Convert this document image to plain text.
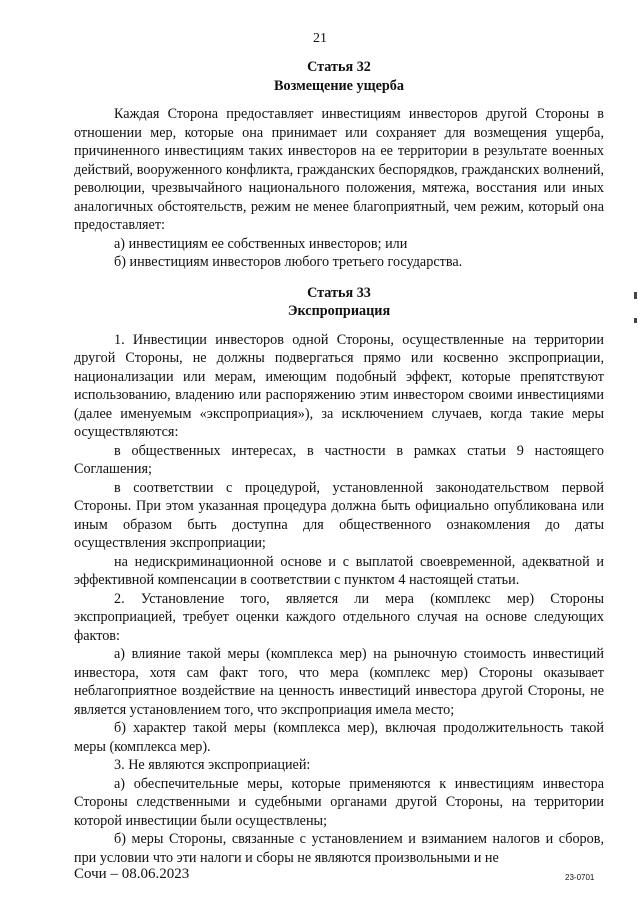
21
Статья 32
Возмещение ущерба

Каждая Сторона предоставляет инвестициям инвесторов другой Стороны в отношении мер, которые она принимает или сохраняет для возмещения ущерба, причиненного инвестициям таких инвесторов на ее территории в результате военных действий, вооруженного конфликта, гражданских беспорядков, гражданских волнений, революции, чрезвычайного национального положения, мятежа, восстания или иных аналогичных обстоятельств, режим не менее благоприятный, чем режим, который она предоставляет:

а) инвестициям ее собственных инвесторов; или

б) инвестициям инвесторов любого третьего государства.

Статья 33
Экспроприация

1. Инвестиции инвесторов одной Стороны, осуществленные на территории другой Стороны, не должны подвергаться прямо или косвенно экспроприации, национализации или мерам, имеющим подобный эффект, которые препятствуют использованию, владению или распоряжению этим инвестором своими инвестициями (далее именуемым «экспроприация»), за исключением случаев, когда такие меры осуществляются:

в общественных интересах, в частности в рамках статьи 9 настоящего Соглашения;

в соответствии с процедурой, установленной законодательством первой Стороны. При этом указанная процедура должна быть официально опубликована или иным образом быть доступна для общественного ознакомления до даты осуществления экспроприации;

на недискриминационной основе и с выплатой своевременной, адекватной и эффективной компенсации в соответствии с пунктом 4 настоящей статьи.

2. Установление того, является ли мера (комплекс мер) Стороны экспроприацией, требует оценки каждого отдельного случая на основе следующих фактов:

а) влияние такой меры (комплекса мер) на рыночную стоимость инвестиций инвестора, хотя сам факт того, что мера (комплекс мер) Стороны оказывает неблагоприятное воздействие на ценность инвестиций инвестора другой Стороны, не является установлением того, что экспроприация имела место;

б) характер такой меры (комплекса мер), включая продолжительность такой меры (комплекса мер).

3. Не являются экспроприацией:

а) обеспечительные меры, которые применяются к инвестициям инвестора Стороны следственными и судебными органами другой Стороны, на территории которой инвестиции были осуществлены;

б) меры Стороны, связанные с установлением и взиманием налогов и сборов, при условии что эти налоги и сборы не являются произвольными и не

Сочи – 08.06.2023	23-0701
